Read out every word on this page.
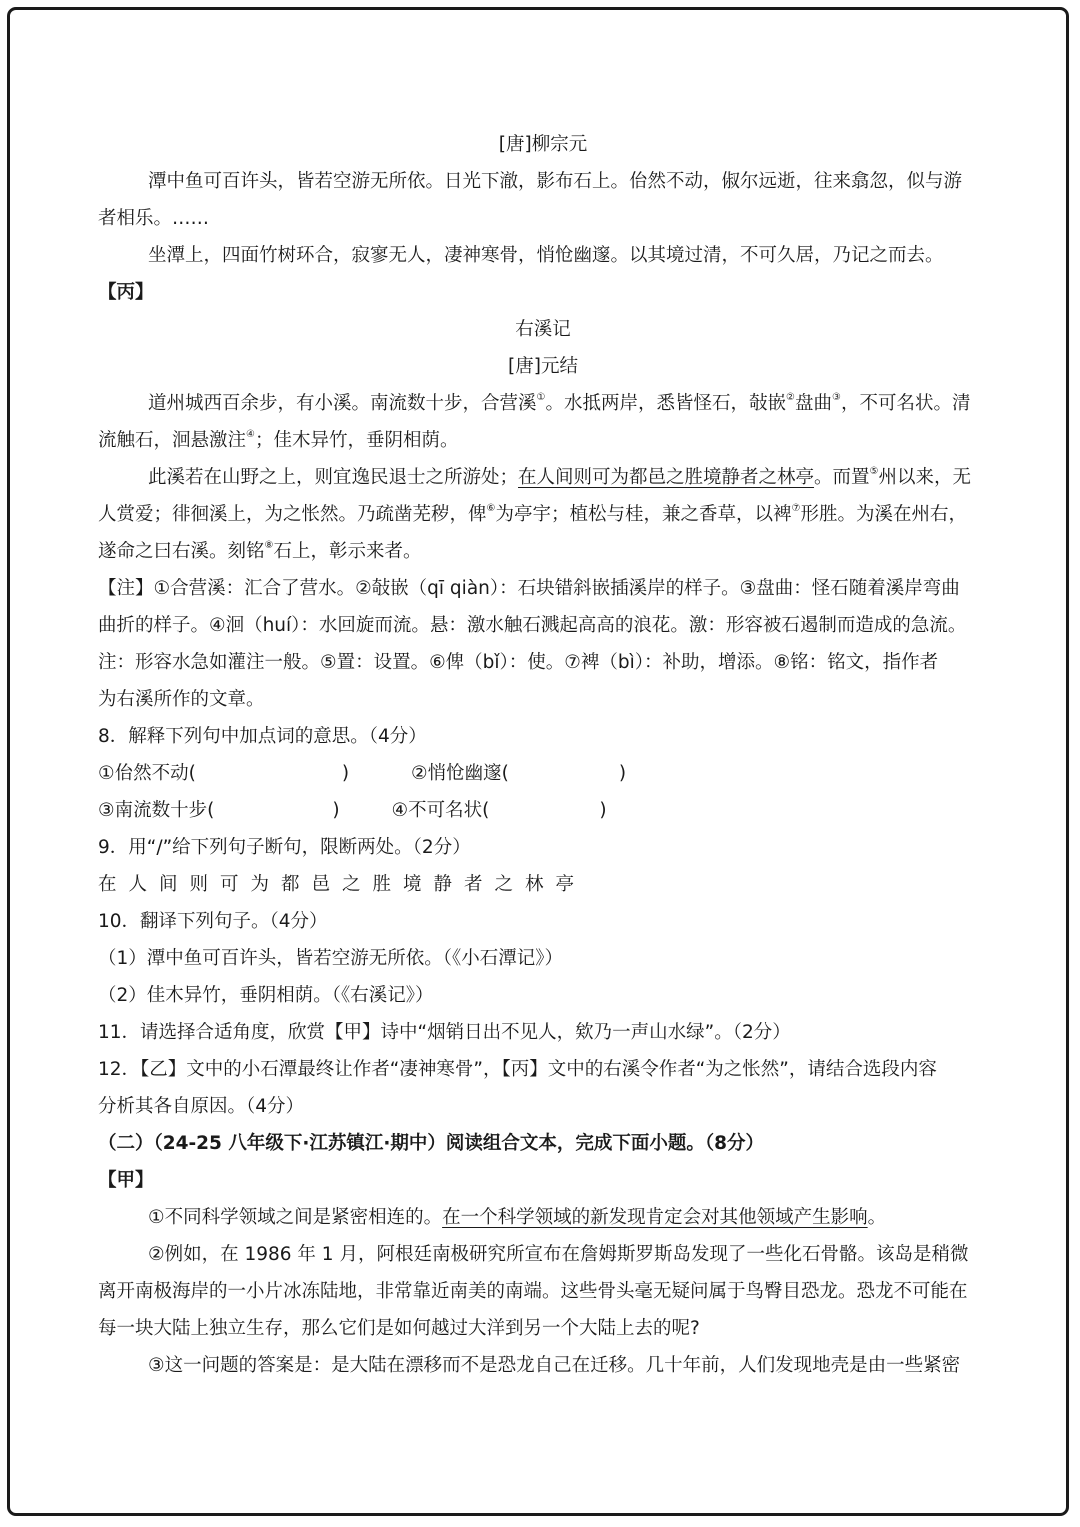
[唐]柳宗元
潭中鱼可百许头，皆若空游无所依。日光下澈，影布石上。佁然不动，俶尔远逝，往来翕忽，似与游
者相乐。……
坐潭上，四面竹树环合，寂寥无人，凄神寒骨，悄怆幽邃。以其境过清，不可久居，乃记之而去。
【丙】
右溪记
[唐]元结
道州城西百余步，有小溪。南流数十步，合营溪①。水抵两岸，悉皆怪石，敧嵌②盘曲③，不可名状。清
流触石，洄悬激注④；佳木异竹，垂阴相荫。
此溪若在山野之上，则宜逸民退士之所游处；在人间则可为都邑之胜境静者之林亭。而置⑤州以来，无
人赏爱；徘徊溪上，为之怅然。乃疏凿芜秽，俾⑥为亭宇；植松与桂，兼之香草，以裨⑦形胜。为溪在州右，
遂命之曰右溪。刻铭⑧石上，彰示来者。
【注】①合营溪：汇合了营水。②敧嵌（qī qiàn）：石块错斜嵌插溪岸的样子。③盘曲：怪石随着溪岸弯曲
曲折的样子。④洄（huí）：水回旋而流。悬：激水触石溅起高高的浪花。激：形容被石遏制而造成的急流。
注：形容水急如灌注一般。⑤置：设置。⑥俾（bǐ）：使。⑦裨（bì）：补助，增添。⑧铭：铭文，指作者
为右溪所作的文章。
8．解释下列句中加点词的意思。（4分）
①佁然不动(	)	②悄怆幽邃(	)
③南流数十步(	)	④不可名状(	)
9．用“/”给下列句子断句，限断两处。（2分）
在人间则可为都邑之胜境静者之林亭
10．翻译下列句子。（4分）
（1）潭中鱼可百许头，皆若空游无所依。（《小石潭记》）
（2）佳木异竹，垂阴相荫。（《右溪记》）
11．请选择合适角度，欣赏【甲】诗中“烟销日出不见人，欸乃一声山水绿”。（2分）
12．【乙】文中的小石潭最终让作者“凄神寒骨”，【丙】文中的右溪令作者“为之怅然”，请结合选段内容
分析其各自原因。（4分）
（二）（24-25 八年级下·江苏镇江·期中）阅读组合文本，完成下面小题。（8分）
【甲】
①不同科学领域之间是紧密相连的。在一个科学领域的新发现肯定会对其他领域产生影响。
②例如，在 1986 年 1 月，阿根廷南极研究所宣布在詹姆斯罗斯岛发现了一些化石骨骼。该岛是稍微
离开南极海岸的一小片冰冻陆地，非常靠近南美的南端。这些骨头毫无疑问属于鸟臀目恐龙。恐龙不可能在
每一块大陆上独立生存，那么它们是如何越过大洋到另一个大陆上去的呢?
③这一问题的答案是：是大陆在漂移而不是恐龙自己在迁移。几十年前，人们发现地壳是由一些紧密
